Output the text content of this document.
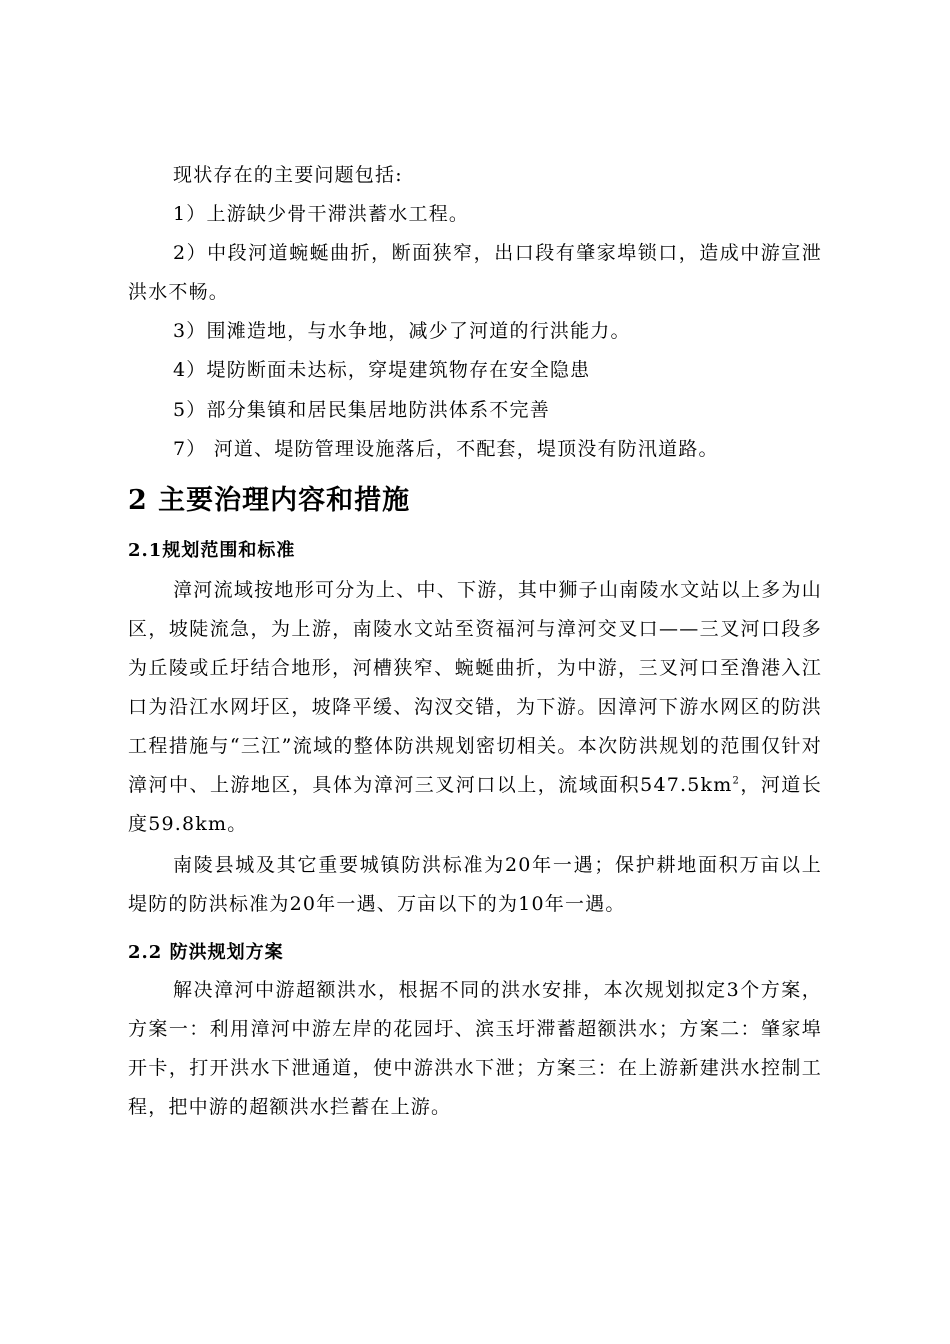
现状存在的主要问题包括:

1）上游缺少骨干滞洪蓄水工程。

2）中段河道蜿蜒曲折，断面狭窄，出口段有肇家埠锁口，造成中游宣泄洪水不畅。

3）围滩造地，与水争地，减少了河道的行洪能力。

4）堤防断面未达标，穿堤建筑物存在安全隐患

5）部分集镇和居民集居地防洪体系不完善

7） 河道、堤防管理设施落后，不配套，堤顶没有防汛道路。

2 主要治理内容和措施
2.1规划范围和标准

漳河流域按地形可分为上、中、下游，其中狮子山南陵水文站以上多为山区，坡陡流急，为上游，南陵水文站至资福河与漳河交叉口——三叉河口段多为丘陵或丘圩结合地形，河槽狭窄、蜿蜒曲折，为中游，三叉河口至澛港入江口为沿江水网圩区，坡降平缓、沟汊交错，为下游。因漳河下游水网区的防洪工程措施与“三江”流域的整体防洪规划密切相关。本次防洪规划的范围仅针对漳河中、上游地区，具体为漳河三叉河口以上，流域面积$547.5km^2$，河道长度59.8km。

南陵县城及其它重要城镇防洪标准为20年一遇；保护耕地面积万亩以上堤防的防洪标准为20年一遇、万亩以下的为10年一遇。

2.2 防洪规划方案

解决漳河中游超额洪水，根据不同的洪水安排，本次规划拟定3个方案，方案一：利用漳河中游左岸的花园圩、滨玉圩滞蓄超额洪水；方案二：肇家埠开卡，打开洪水下泄通道，使中游洪水下泄；方案三：在上游新建洪水控制工程，把中游的超额洪水拦蓄在上游。
